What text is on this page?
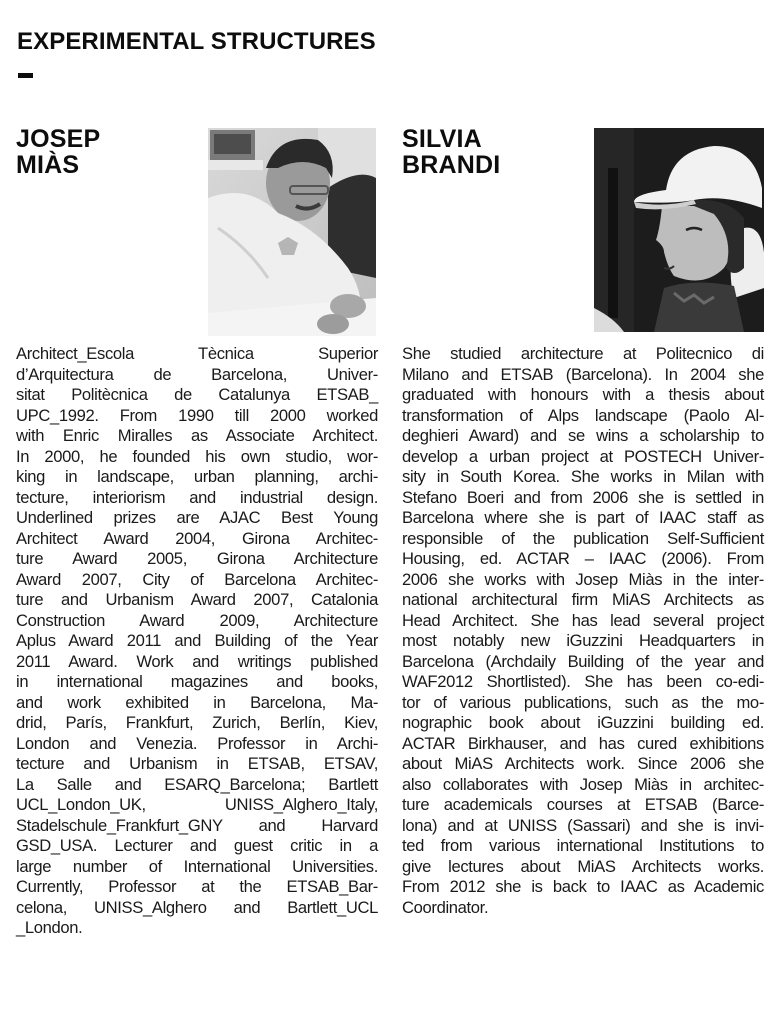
EXPERIMENTAL STRUCTURES
JOSEP
MIÀS
Architect_Escola Tècnica Superior
d’Arquitectura de Barcelona, Univer-
sitat Politècnica de Catalunya ETSAB_
UPC_1992. From 1990 till 2000 worked
with Enric Miralles as Associate Architect.
In 2000, he founded his own studio, wor-
king in landscape, urban planning, archi-
tecture, interiorism and industrial design.
Underlined prizes are AJAC Best Young
Architect Award 2004, Girona Architec-
ture Award 2005, Girona Architecture
Award 2007, City of Barcelona Architec-
ture and Urbanism Award 2007, Catalonia
Construction Award 2009, Architecture
Aplus Award 2011 and Building of the Year
2011 Award. Work and writings published
in international magazines and books,
and work exhibited in Barcelona, Ma-
drid, París, Frankfurt, Zurich, Berlín, Kiev,
London and Venezia. Professor in Archi-
tecture and Urbanism in ETSAB, ETSAV,
La Salle and ESARQ_Barcelona; Bartlett
UCL_London_UK, UNISS_Alghero_Italy,
Stadelschule_Frankfurt_GNY and Harvard
GSD_USA. Lecturer and guest critic in a
large number of International Universities.
Currently, Professor at the ETSAB_Bar-
celona, UNISS_Alghero and Bartlett_UCL
_London.
SILVIA
BRANDI
She studied architecture at Politecnico di
Milano and ETSAB (Barcelona). In 2004 she
graduated with honours with a thesis about
transformation of Alps landscape (Paolo Al-
deghieri Award) and se wins a scholarship to
develop a urban project at POSTECH Univer-
sity in South Korea. She works in Milan with
Stefano Boeri and from 2006 she is settled in
Barcelona where she is part of IAAC staff as
responsible of the publication Self-Sufficient
Housing, ed. ACTAR – IAAC (2006). From
2006 she works with Josep Miàs in the inter-
national architectural firm MiAS Architects as
Head Architect. She has lead several project
most notably new iGuzzini Headquarters in
Barcelona (Archdaily Building of the year and
WAF2012 Shortlisted). She has been co-edi-
tor of various publications, such as the mo-
nographic book about iGuzzini building ed.
ACTAR Birkhauser, and has cured exhibitions
about MiAS Architects work. Since 2006 she
also collaborates with Josep Miàs in architec-
ture academicals courses at ETSAB (Barce-
lona) and at UNISS (Sassari) and she is invi-
ted from various international Institutions to
give lectures about MiAS Architects works.
From 2012 she is back to IAAC as Academic
Coordinator.
